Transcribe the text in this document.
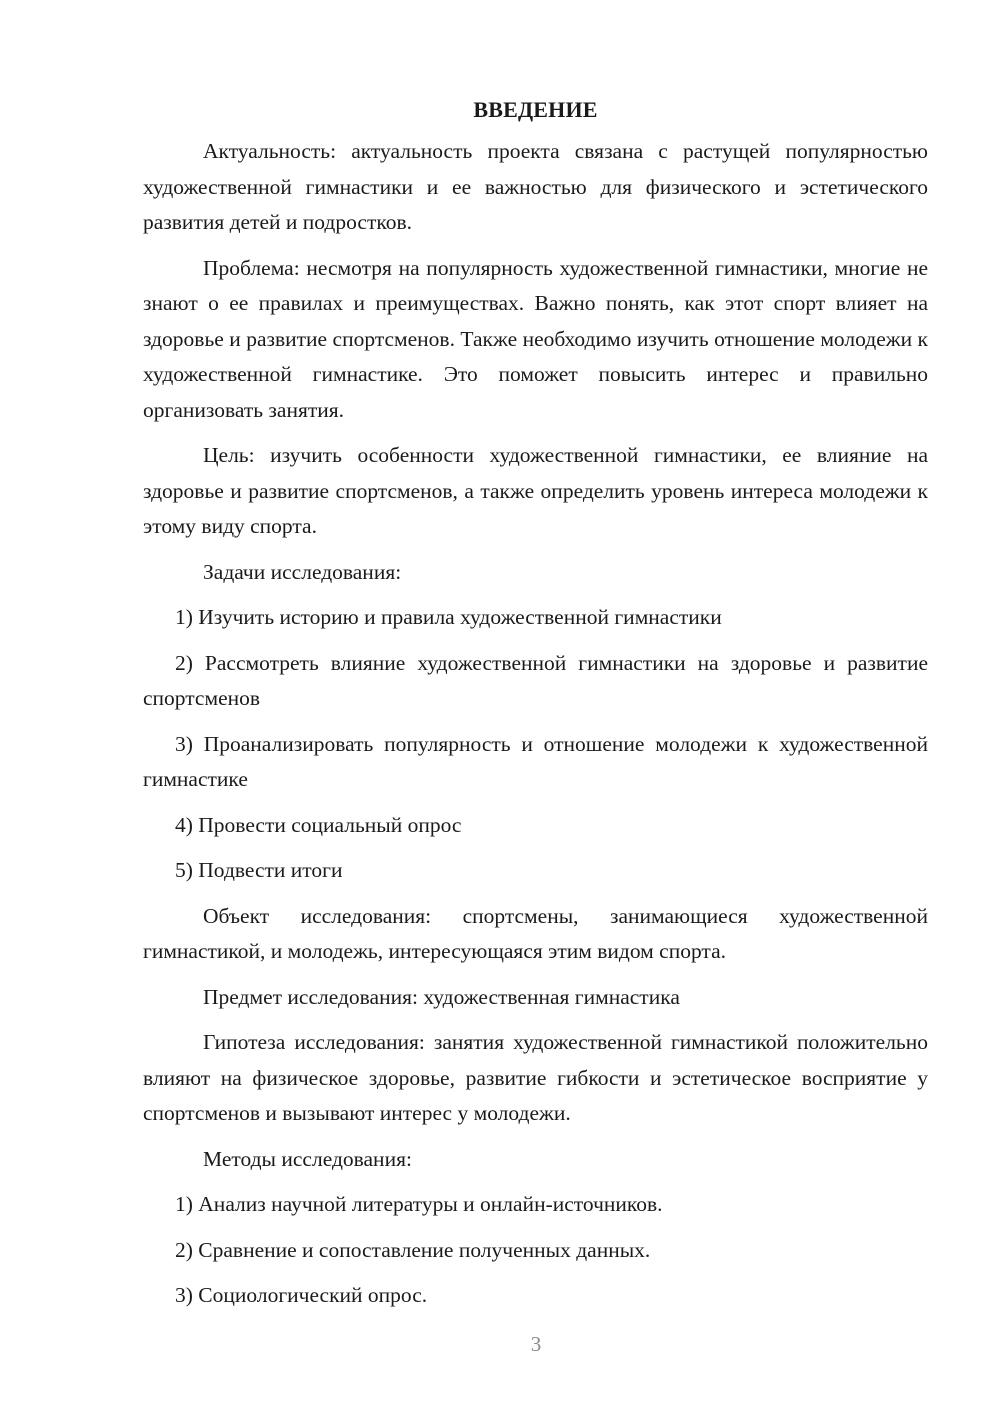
ВВЕДЕНИЕ

Актуальность: актуальность проекта связана с растущей популярностью художественной гимнастики и ее важностью для физического и эстетического развития детей и подростков.

Проблема: несмотря на популярность художественной гимнастики, многие не знают о ее правилах и преимуществах. Важно понять, как этот спорт влияет на здоровье и развитие спортсменов. Также необходимо изучить отношение молодежи к художественной гимнастике. Это поможет повысить интерес и правильно организовать занятия.

Цель: изучить особенности художественной гимнастики, ее влияние на здоровье и развитие спортсменов, а также определить уровень интереса молодежи к этому виду спорта.

Задачи исследования:

1) Изучить историю и правила художественной гимнастики

2) Рассмотреть влияние художественной гимнастики на здоровье и развитие спортсменов

3) Проанализировать популярность и отношение молодежи к художественной гимнастике

4) Провести социальный опрос

5) Подвести итоги

Объект исследования: спортсмены, занимающиеся художественной гимнастикой, и молодежь, интересующаяся этим видом спорта.

Предмет исследования: художественная гимнастика

Гипотеза исследования: занятия художественной гимнастикой положительно влияют на физическое здоровье, развитие гибкости и эстетическое восприятие у спортсменов и вызывают интерес у молодежи.

Методы исследования:

1) Анализ научной литературы и онлайн-источников.

2) Сравнение и сопоставление полученных данных.

3) Социологический опрос.

3
